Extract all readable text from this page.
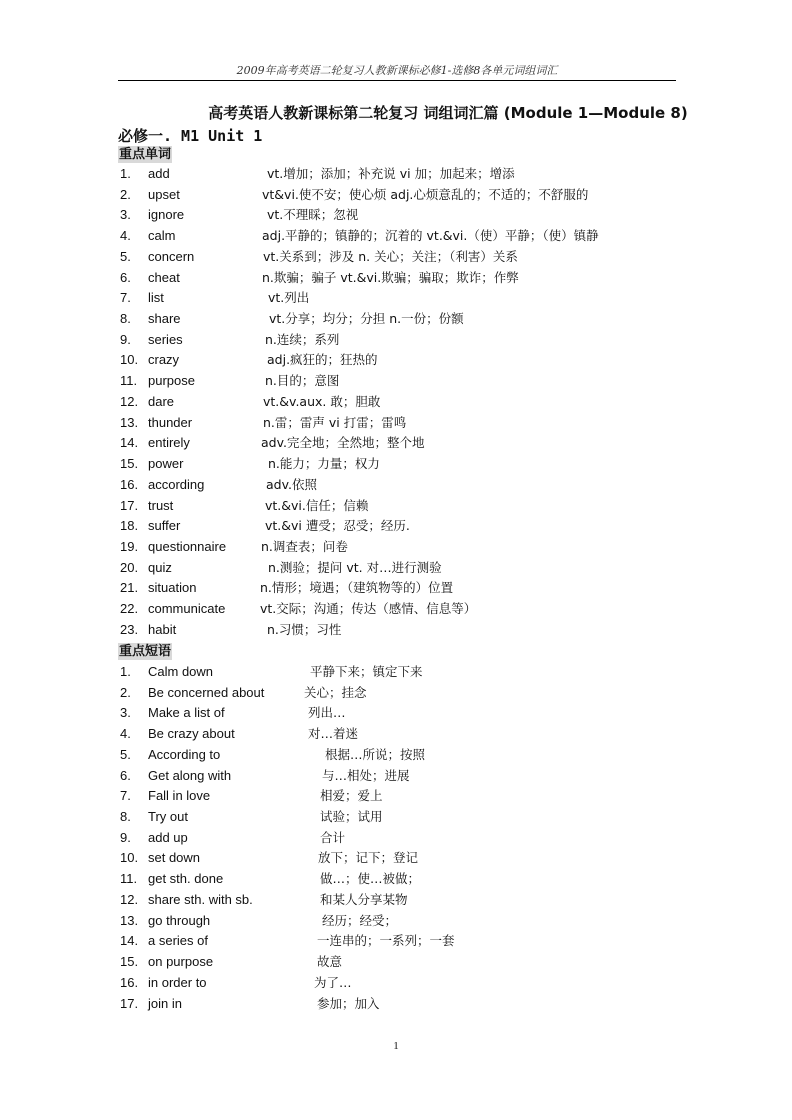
2009年高考英语二轮复习人教新课标必修1-选修8各单元词组词汇
高考英语人教新课标第二轮复习 词组词汇篇 (Module 1—Module 8)
必修一. M1 Unit 1
重点单词
1.	add	vt.增加；添加；补充说 vi 加；加起来；增添
2.	upset	vt&vi.使不安；使心烦 adj.心烦意乱的；不适的；不舒服的
3.	ignore	vt.不理睬；忽视
4.	calm	adj.平静的；镇静的；沉着的 vt.&vi.（使）平静；（使）镇静
5.	concern	vt.关系到；涉及 n. 关心；关注；（利害）关系
6.	cheat	n.欺骗；骗子 vt.&vi.欺骗；骗取；欺诈；作弊
7.	list	vt.列出
8.	share	vt.分享；均分；分担 n.一份；份额
9.	series	n.连续；系列
10. crazy	adj.疯狂的；狂热的
11. purpose	n.目的；意图
12. dare	vt.&v.aux. 敢；胆敢
13. thunder	n.雷；雷声 vi 打雷；雷鸣
14. entirely	adv.完全地；全然地；整个地
15. power	n.能力；力量；权力
16. according	adv.依照
17. trust	vt.&vi.信任；信赖
18. suffer	vt.&vi 遭受；忍受；经历.
19. questionnaire	n.调查表；问卷
20. quiz	n.测验；提问 vt. 对…进行测验
21. situation	n.情形；境遇；（建筑物等的）位置
22. communicate	vt.交际；沟通；传达（感情、信息等）
23. habit	n.习惯；习性
重点短语
1.	Calm down	平静下来；镇定下来
2.	Be concerned about	关心；挂念
3.	Make a list of	列出…
4.	Be crazy about	对…着迷
5.	According to	根据…所说；按照
6.	Get along with	与…相处；进展
7.	Fall in love	相爱；爱上
8.	Try out	试验；试用
9.	add up	合计
10. set down	放下；记下；登记
11. get sth. done	做…；使…被做；
12. share sth. with sb.	和某人分享某物
13. go through	经历；经受；
14. a series of	一连串的；一系列；一套
15. on purpose	故意
16. in order to	为了…
17. join in	参加；加入
1
